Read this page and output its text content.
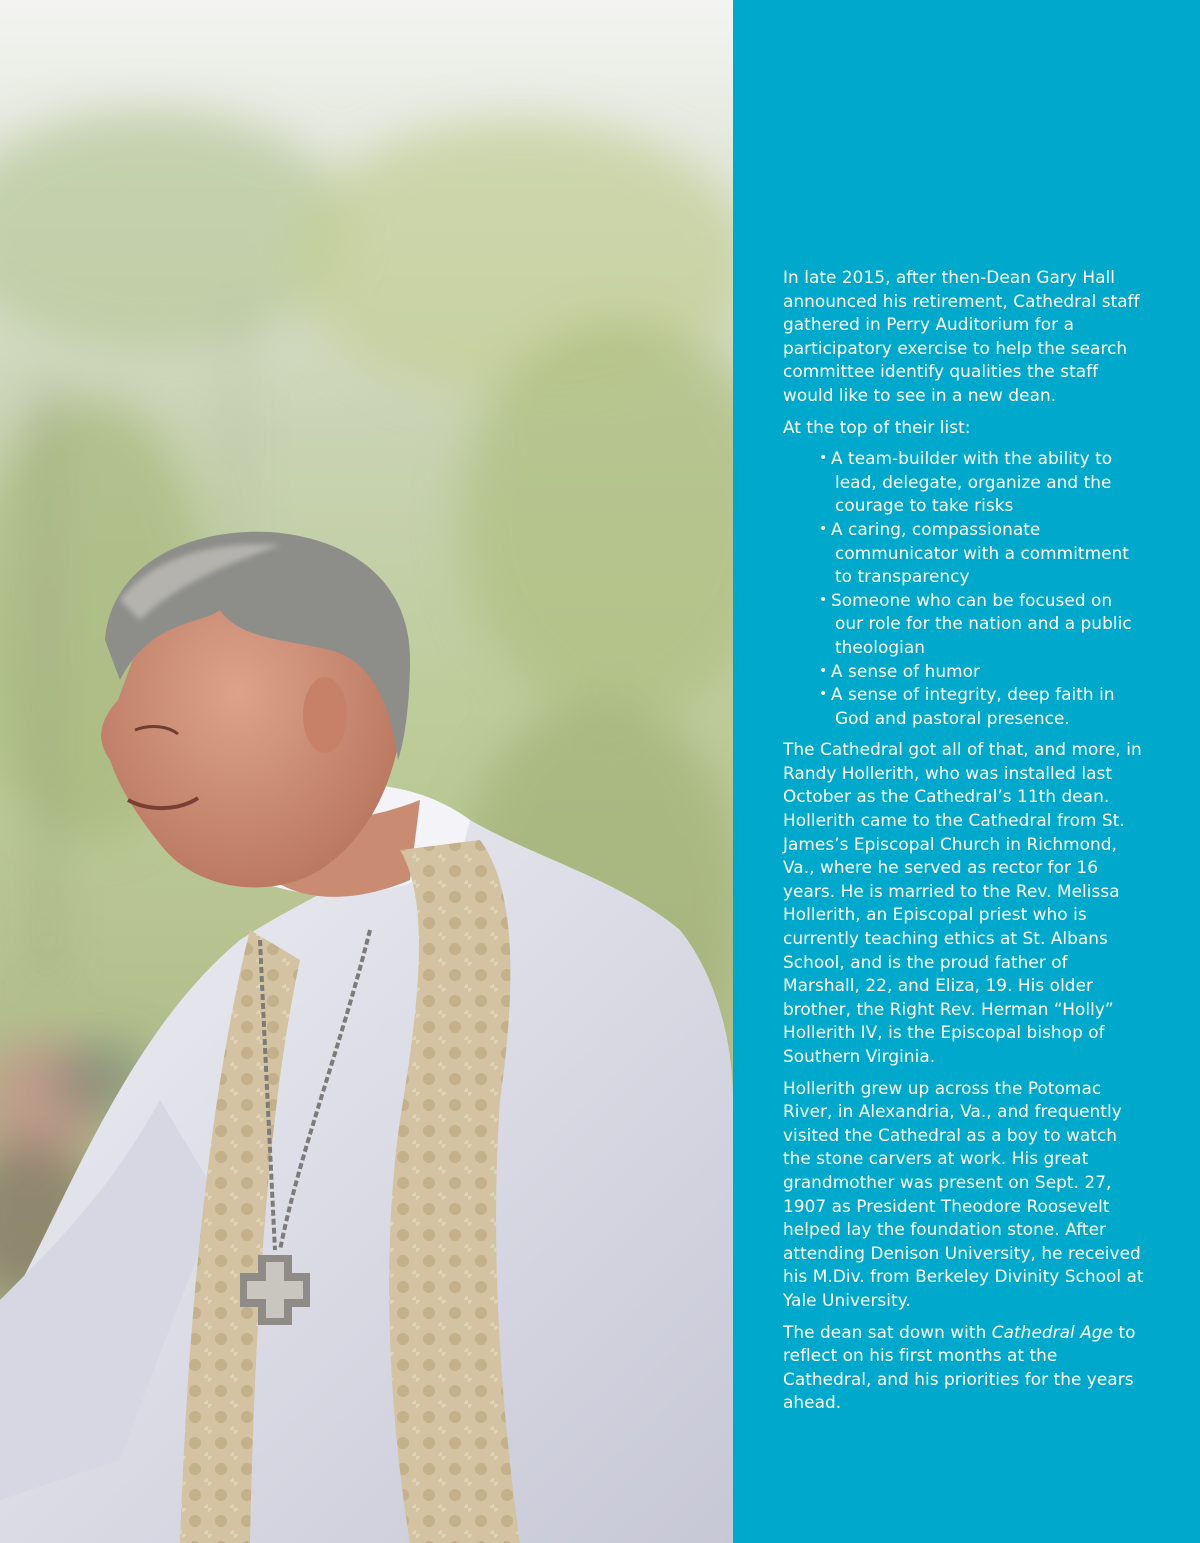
In late 2015, after then-Dean Gary Hall announced his retirement, Cathedral staff gathered in Perry Auditorium for a participatory exercise to help the search committee identify qualities the staff would like to see in a new dean.

At the top of their list:

• A team-builder with the ability to lead, delegate, organize and the courage to take risks
• A caring, compassionate communicator with a commitment to transparency
• Someone who can be focused on our role for the nation and a public theologian
• A sense of humor
• A sense of integrity, deep faith in God and pastoral presence.

The Cathedral got all of that, and more, in Randy Hollerith, who was installed last October as the Cathedral’s 11th dean. Hollerith came to the Cathedral from St. James’s Episcopal Church in Richmond, Va., where he served as rector for 16 years. He is married to the Rev. Melissa Hollerith, an Episcopal priest who is currently teaching ethics at St. Albans School, and is the proud father of Marshall, 22, and Eliza, 19. His older brother, the Right Rev. Herman “Holly” Hollerith IV, is the Episcopal bishop of Southern Virginia.

Hollerith grew up across the Potomac River, in Alexandria, Va., and frequently visited the Cathedral as a boy to watch the stone carvers at work. His great grandmother was present on Sept. 27, 1907 as President Theodore Roosevelt helped lay the foundation stone. After attending Denison University, he received his M.Div. from Berkeley Divinity School at Yale University.

The dean sat down with Cathedral Age to reflect on his first months at the Cathedral, and his priorities for the years ahead.
